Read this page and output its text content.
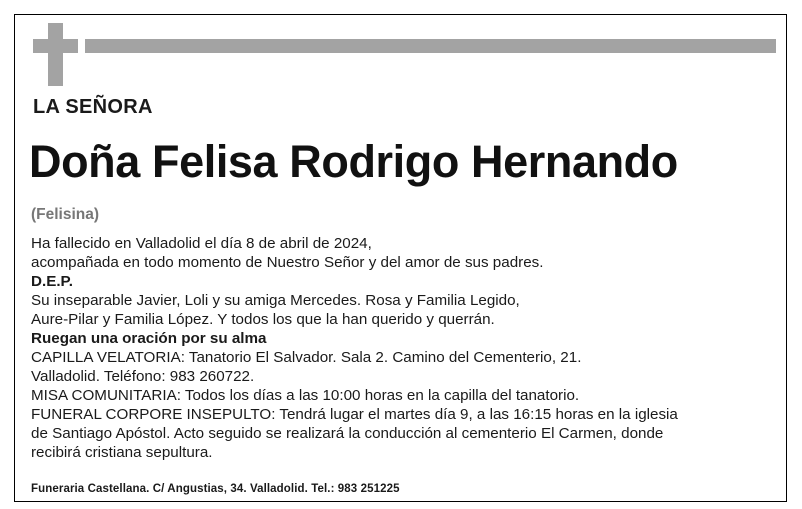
LA SEÑORA
Doña Felisa Rodrigo Hernando

(Felisina)

Ha fallecido en Valladolid el día 8 de abril de 2024,

acompañada en todo momento de Nuestro Señor y del amor de sus padres.

D.E.P.

Su inseparable Javier, Loli y su amiga Mercedes. Rosa y Familia Legido,

Aure-Pilar y Familia López. Y todos los que la han querido y querrán.

Ruegan una oración por su alma

CAPILLA VELATORIA: Tanatorio El Salvador. Sala 2. Camino del Cementerio, 21.

Valladolid. Teléfono: 983 260722.

MISA COMUNITARIA: Todos los días a las 10:00 horas en la capilla del tanatorio.

FUNERAL CORPORE INSEPULTO: Tendrá lugar el martes día 9, a las 16:15 horas en la iglesia

de Santiago Apóstol. Acto seguido se realizará la conducción al cementerio El Carmen, donde

recibirá cristiana sepultura.

Funeraria Castellana. C/ Angustias, 34. Valladolid. Tel.: 983 251225
